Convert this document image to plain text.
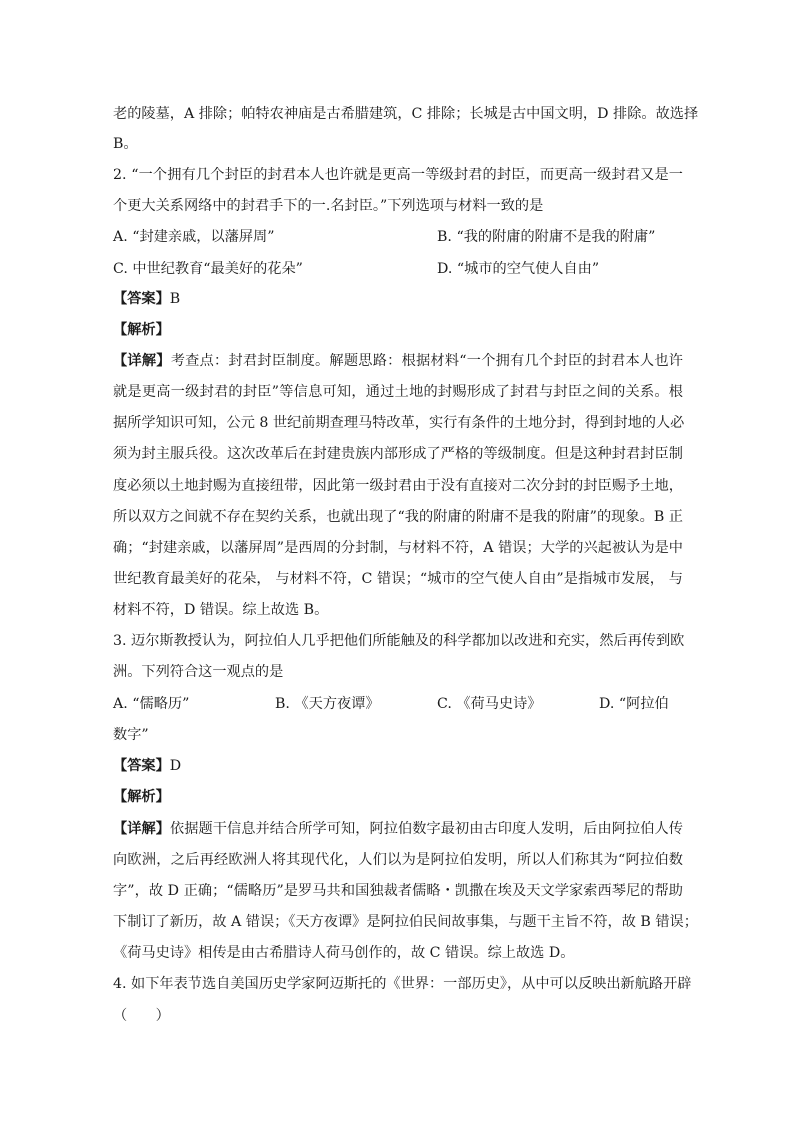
老的陵墓，A 排除；帕特农神庙是古希腊建筑，C 排除；长城是古中国文明，D 排除。故选择
B。
2. “一个拥有几个封臣的封君本人也许就是更高一等级封君的封臣，而更高一级封君又是一
个更大关系网络中的封君手下的一.名封臣。”下列选项与材料一致的是
A. “封建亲戚，以藩屏周”	B. “我的附庸的附庸不是我的附庸”
C. 中世纪教育“最美好的花朵”	D. “城市的空气使人自由”
【答案】B
【解析】
【详解】考查点：封君封臣制度。解题思路：根据材料“一个拥有几个封臣的封君本人也许
就是更高一级封君的封臣”等信息可知，通过土地的封赐形成了封君与封臣之间的关系。根
据所学知识可知，公元 8 世纪前期查理马特改革，实行有条件的土地分封，得到封地的人必
须为封主服兵役。这次改革后在封建贵族内部形成了严格的等级制度。但是这种封君封臣制
度必须以土地封赐为直接纽带，因此第一级封君由于没有直接对二次分封的封臣赐予土地，
所以双方之间就不存在契约关系，也就出现了“我的附庸的附庸不是我的附庸”的现象。B 正
确；“封建亲戚，以藩屏周”是西周的分封制，与材料不符，A 错误；大学的兴起被认为是中
世纪教育最美好的花朵， 与材料不符，C 错误；“城市的空气使人自由”是指城市发展， 与
材料不符，D 错误。综上故选 B。
3. 迈尔斯教授认为，阿拉伯人几乎把他们所能触及的科学都加以改进和充实，然后再传到欧
洲。下列符合这一观点的是
A. “儒略历”	B. 《天方夜谭》	C. 《荷马史诗》	D. “阿拉伯
数字”
【答案】D
【解析】
【详解】依据题干信息并结合所学可知，阿拉伯数字最初由古印度人发明，后由阿拉伯人传
向欧洲，之后再经欧洲人将其现代化，人们以为是阿拉伯发明，所以人们称其为“阿拉伯数
字”，故 D 正确；“儒略历”是罗马共和国独裁者儒略・凯撒在埃及天文学家索西琴尼的帮助
下制订了新历，故 A 错误；《天方夜谭》是阿拉伯民间故事集，与题干主旨不符，故 B 错误；
《荷马史诗》相传是由古希腊诗人荷马创作的，故 C 错误。综上故选 D。
4. 如下年表节选自美国历史学家阿迈斯托的《世界：一部历史》，从中可以反映出新航路开辟
（　　）
